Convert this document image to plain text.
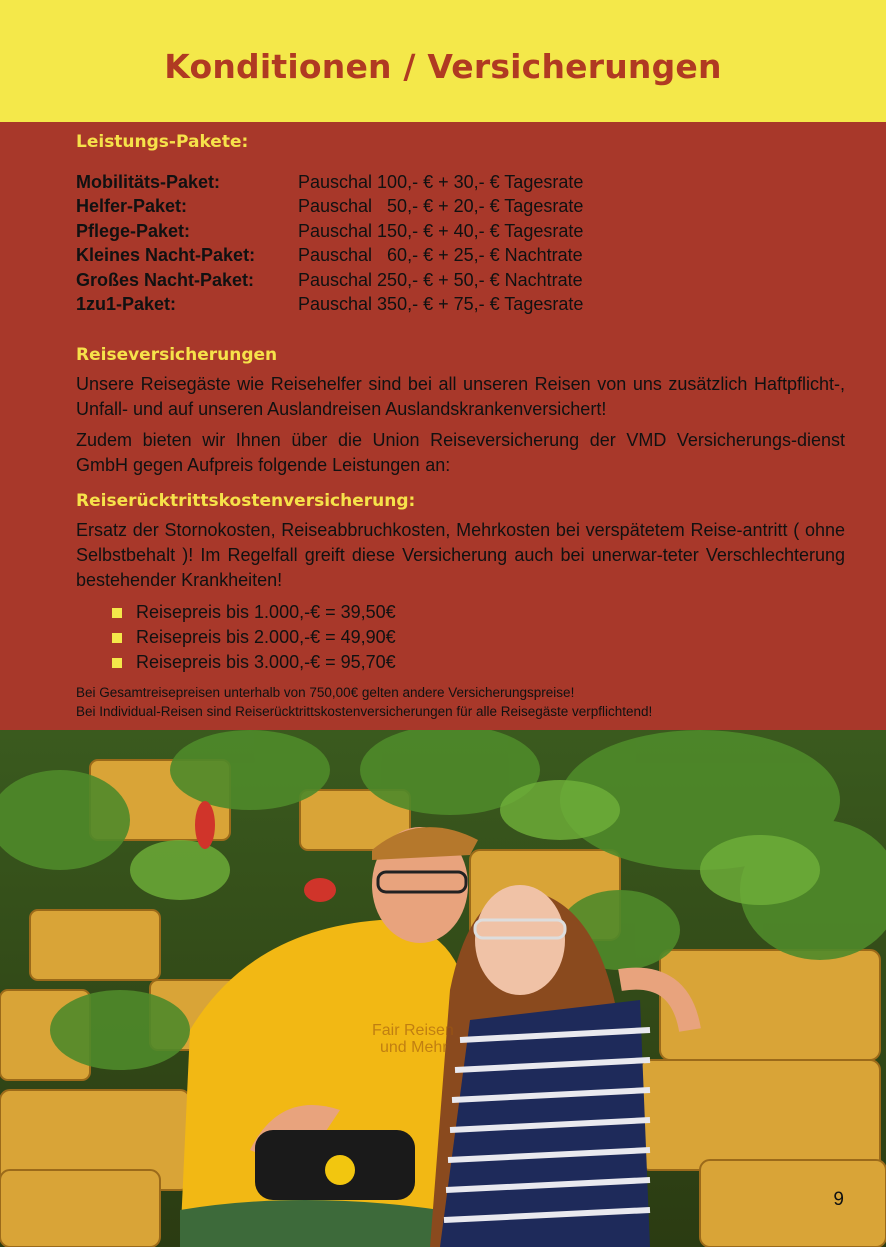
Konditionen / Versicherungen
Leistungs-Pakete:
Mobilitäts-Paket:	Pauschal 100,- € + 30,- € Tagesrate
Helfer-Paket:	Pauschal   50,- € + 20,- € Tagesrate
Pflege-Paket:	Pauschal 150,- € + 40,- € Tagesrate
Kleines Nacht-Paket: Pauschal   60,- € + 25,- € Nachtrate
Großes Nacht-Paket: Pauschal 250,- € + 50,- € Nachtrate
1zu1-Paket:	Pauschal 350,- € + 75,- € Tagesrate
Reiseversicherungen
Unsere Reisegäste wie Reisehelfer sind bei all unseren Reisen von uns zusätzlich Haftpflicht-, Unfall- und auf unseren Auslandreisen Auslandskrankenversichert!
Zudem bieten wir Ihnen über die Union Reiseversicherung der VMD Versicherungs-dienst GmbH gegen Aufpreis folgende Leistungen an:
Reiserücktrittskostenversicherung:
Ersatz der Stornokosten, Reiseabbruchkosten, Mehrkosten bei verspätetem Reise-antritt ( ohne Selbstbehalt )! Im Regelfall greift diese Versicherung auch bei unerwar-teter Verschlechterung bestehender Krankheiten!
Reisepreis bis 1.000,-€ = 39,50€
Reisepreis bis 2.000,-€ = 49,90€
Reisepreis bis 3.000,-€ = 95,70€
Bei Gesamtreisepreisen unterhalb von 750,00€ gelten andere Versicherungspreise!
Bei Individual-Reisen sind Reiserücktrittskostenversicherungen für alle Reisegäste verpflichtend!
Fair Reisen
und Mehr
9
